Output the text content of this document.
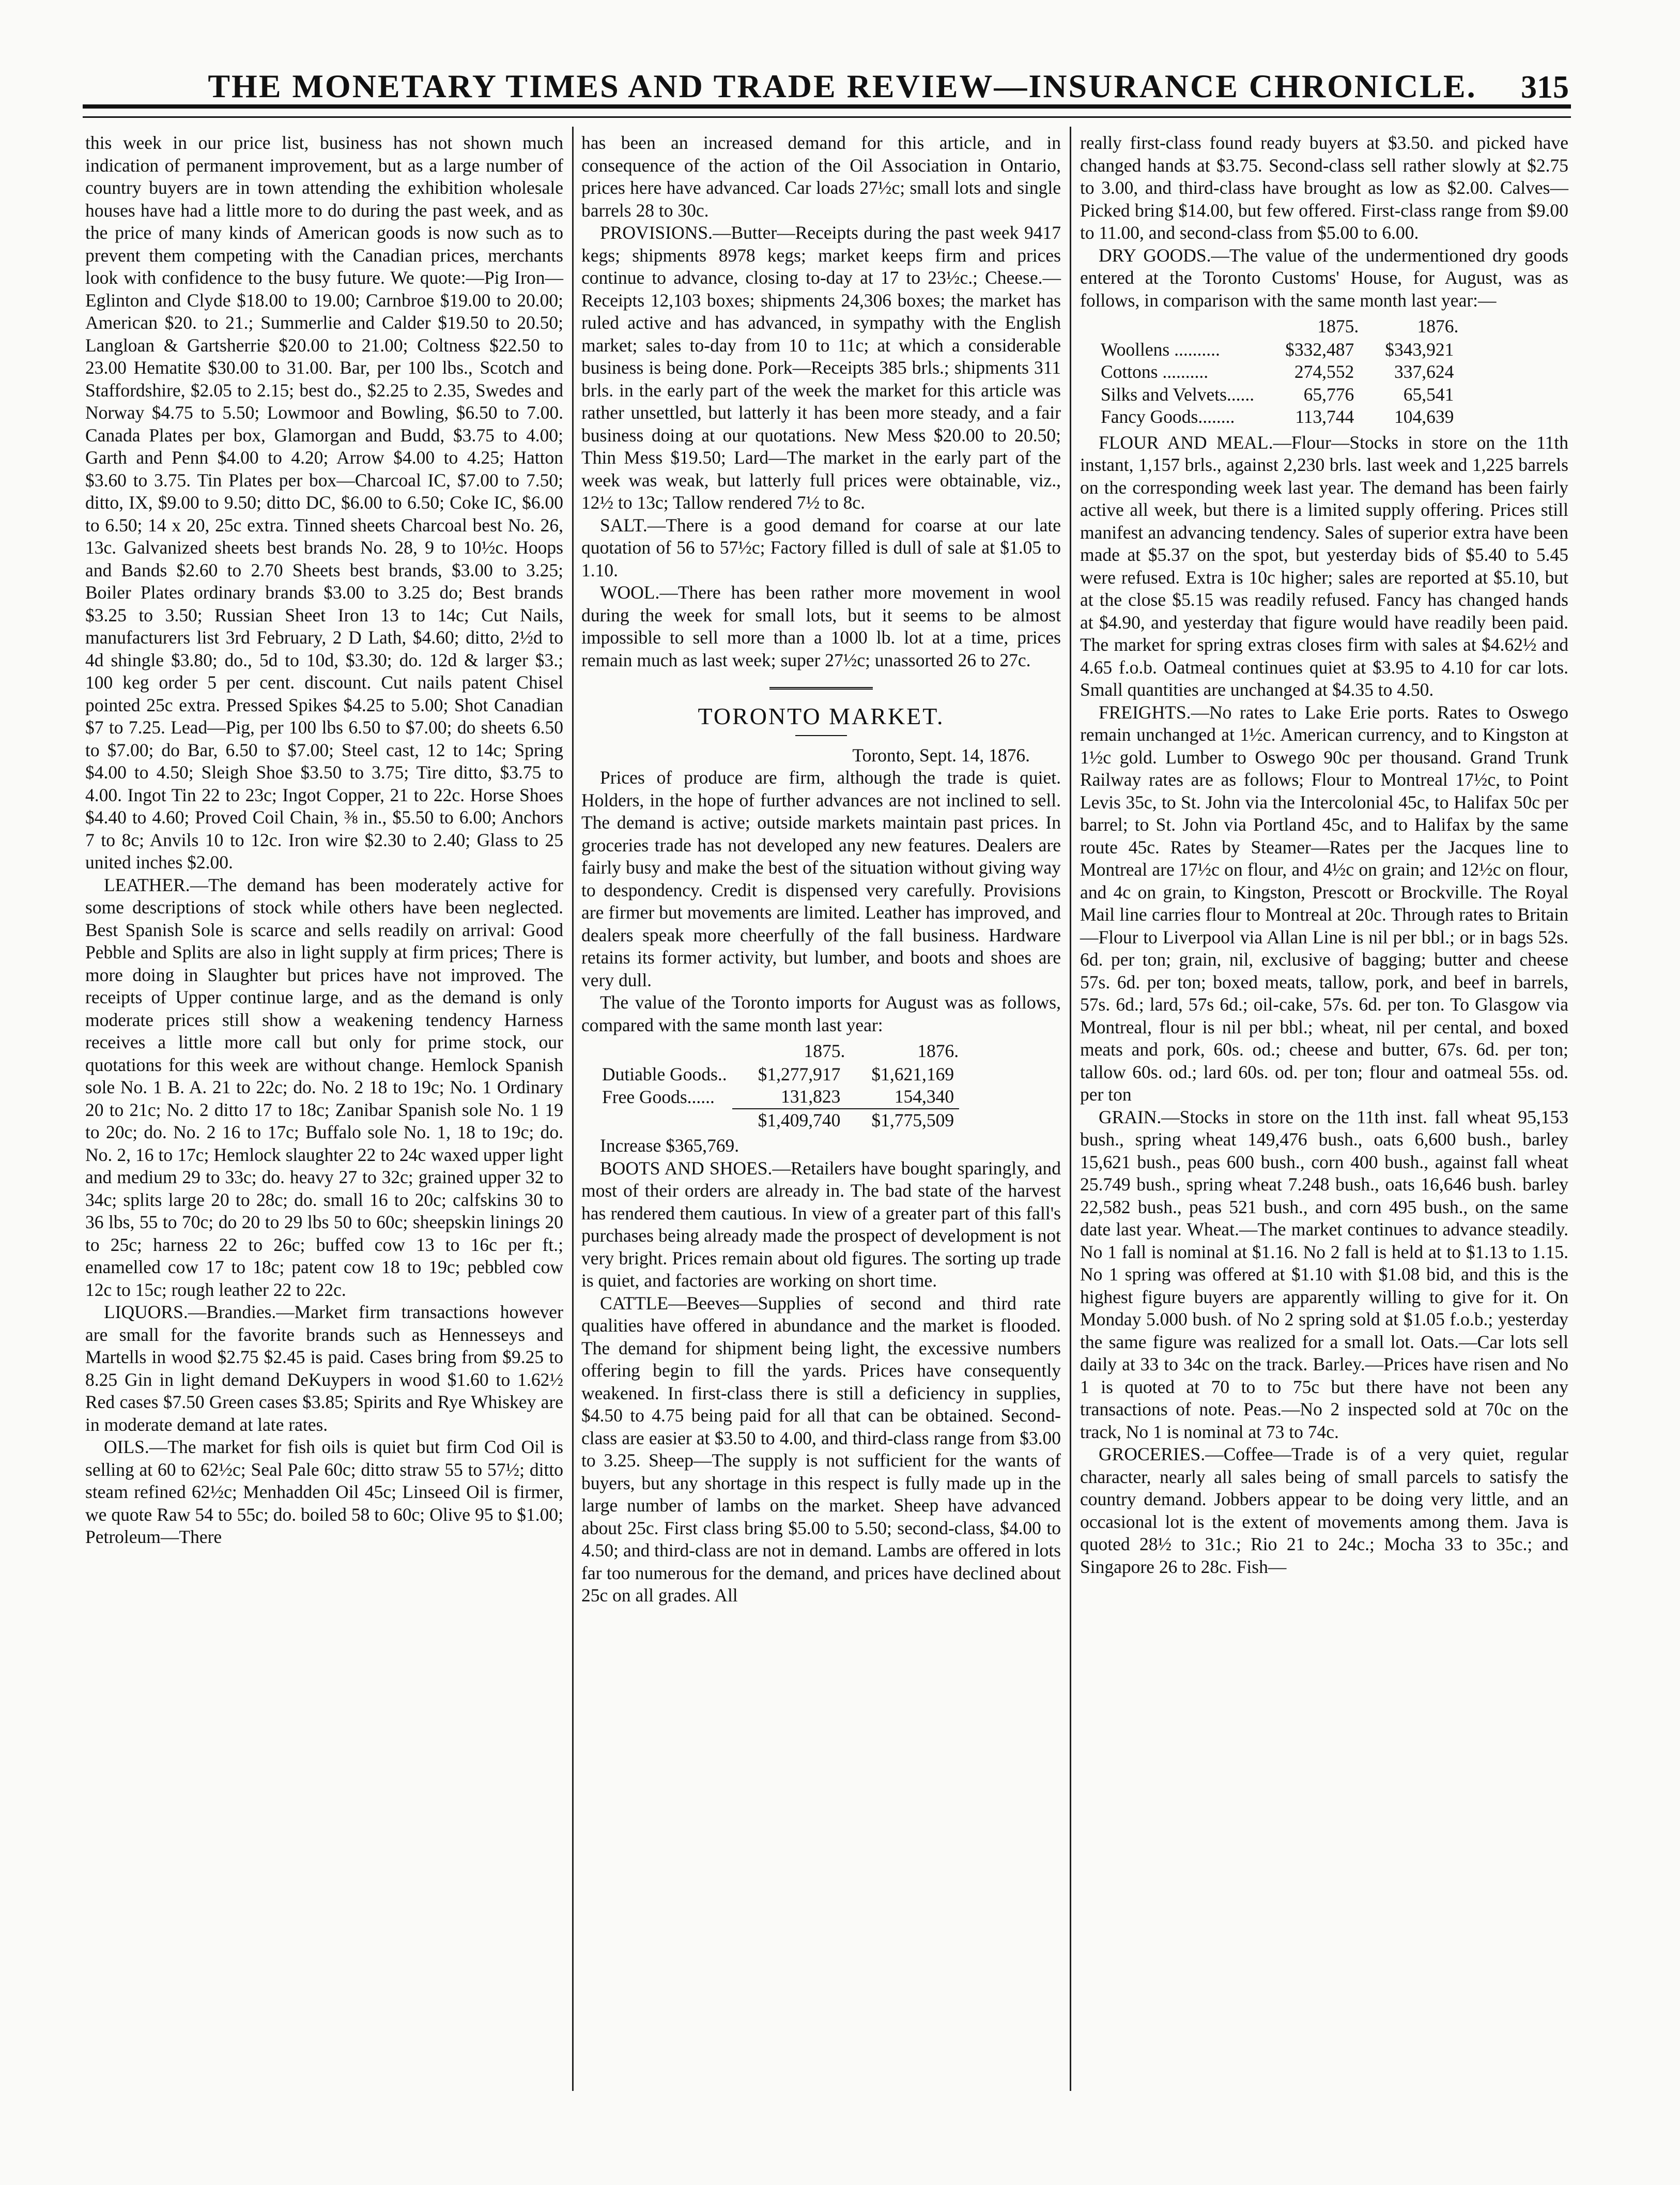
THE MONETARY TIMES AND TRADE REVIEW—INSURANCE CHRONICLE.	315

this week in our price list, business has not shown much indication of permanent improvement, but as a large number of country buyers are in town attending the exhibition wholesale houses have had a little more to do during the past week, and as the price of many kinds of American goods is now such as to prevent them competing with the Canadian prices, merchants look with confidence to the busy future. We quote:—Pig Iron—Eglinton and Clyde $18.00 to 19.00; Carnbroe $19.00 to 20.00; American $20. to 21.; Summerlie and Calder $19.50 to 20.50; Langloan & Gartsherrie $20.00 to 21.00; Coltness $22.50 to 23.00 Hematite $30.00 to 31.00. Bar, per 100 lbs., Scotch and Staffordshire, $2.05 to 2.15; best do., $2.25 to 2.35, Swedes and Norway $4.75 to 5.50; Lowmoor and Bowling, $6.50 to 7.00. Canada Plates per box, Glamorgan and Budd, $3.75 to 4.00; Garth and Penn $4.00 to 4.20; Arrow $4.00 to 4.25; Hatton $3.60 to 3.75. Tin Plates per box—Charcoal IC, $7.00 to 7.50; ditto, IX, $9.00 to 9.50; ditto DC, $6.00 to 6.50; Coke IC, $6.00 to 6.50; 14 x 20, 25c extra. Tinned sheets Charcoal best No. 26, 13c. Galvanized sheets best brands No. 28, 9 to 10½c. Hoops and Bands $2.60 to 2.70 Sheets best brands, $3.00 to 3.25; Boiler Plates ordinary brands $3.00 to 3.25 do; Best brands $3.25 to 3.50; Russian Sheet Iron 13 to 14c; Cut Nails, manufacturers list 3rd February, 2 D Lath, $4.60; ditto, 2½d to 4d shingle $3.80; do., 5d to 10d, $3.30; do. 12d & larger $3.; 100 keg order 5 per cent. discount. Cut nails patent Chisel pointed 25c extra. Pressed Spikes $4.25 to 5.00; Shot Canadian $7 to 7.25. Lead—Pig, per 100 lbs 6.50 to $7.00; do sheets 6.50 to $7.00; do Bar, 6.50 to $7.00; Steel cast, 12 to 14c; Spring $4.00 to 4.50; Sleigh Shoe $3.50 to 3.75; Tire ditto, $3.75 to 4.00. Ingot Tin 22 to 23c; Ingot Copper, 21 to 22c. Horse Shoes $4.40 to 4.60; Proved Coil Chain, ⅜ in., $5.50 to 6.00; Anchors 7 to 8c; Anvils 10 to 12c. Iron wire $2.30 to 2.40; Glass to 25 united inches $2.00.

LEATHER.—The demand has been moderately active for some descriptions of stock while others have been neglected. Best Spanish Sole is scarce and sells readily on arrival: Good Pebble and Splits are also in light supply at firm prices; There is more doing in Slaughter but prices have not improved. The receipts of Upper continue large, and as the demand is only moderate prices still show a weakening tendency Harness receives a little more call but only for prime stock, our quotations for this week are without change. Hemlock Spanish sole No. 1 B. A. 21 to 22c; do. No. 2 18 to 19c; No. 1 Ordinary 20 to 21c; No. 2 ditto 17 to 18c; Zanibar Spanish sole No. 1 19 to 20c; do. No. 2 16 to 17c; Buffalo sole No. 1, 18 to 19c; do. No. 2, 16 to 17c; Hemlock slaughter 22 to 24c waxed upper light and medium 29 to 33c; do. heavy 27 to 32c; grained upper 32 to 34c; splits large 20 to 28c; do. small 16 to 20c; calfskins 30 to 36 lbs, 55 to 70c; do 20 to 29 lbs 50 to 60c; sheepskin linings 20 to 25c; harness 22 to 26c; buffed cow 13 to 16c per ft.; enamelled cow 17 to 18c; patent cow 18 to 19c; pebbled cow 12c to 15c; rough leather 22 to 22c.

LIQUORS.—Brandies.—Market firm transactions however are small for the favorite brands such as Hennesseys and Martells in wood $2.75 $2.45 is paid. Cases bring from $9.25 to 8.25 Gin in light demand DeKuypers in wood $1.60 to 1.62½ Red cases $7.50 Green cases $3.85; Spirits and Rye Whiskey are in moderate demand at late rates.

OILS.—The market for fish oils is quiet but firm Cod Oil is selling at 60 to 62½c; Seal Pale 60c; ditto straw 55 to 57½; ditto steam refined 62½c; Menhadden Oil 45c; Linseed Oil is firmer, we quote Raw 54 to 55c; do. boiled 58 to 60c; Olive 95 to $1.00; Petroleum—There

has been an increased demand for this article, and in consequence of the action of the Oil Association in Ontario, prices here have advanced. Car loads 27½c; small lots and single barrels 28 to 30c.

PROVISIONS.—Butter—Receipts during the past week 9417 kegs; shipments 8978 kegs; market keeps firm and prices continue to advance, closing to-day at 17 to 23½c.; Cheese.—Receipts 12,103 boxes; shipments 24,306 boxes; the market has ruled active and has advanced, in sympathy with the English market; sales to-day from 10 to 11c; at which a considerable business is being done. Pork—Receipts 385 brls.; shipments 311 brls. in the early part of the week the market for this article was rather unsettled, but latterly it has been more steady, and a fair business doing at our quotations. New Mess $20.00 to 20.50; Thin Mess $19.50; Lard—The market in the early part of the week was weak, but latterly full prices were obtainable, viz., 12½ to 13c; Tallow rendered 7½ to 8c.

SALT.—There is a good demand for coarse at our late quotation of 56 to 57½c; Factory filled is dull of sale at $1.05 to 1.10.

WOOL.—There has been rather more movement in wool during the week for small lots, but it seems to be almost impossible to sell more than a 1000 lb. lot at a time, prices remain much as last week; super 27½c; unassorted 26 to 27c.

TORONTO MARKET.
Toronto, Sept. 14, 1876.

Prices of produce are firm, although the trade is quiet. Holders, in the hope of further advances are not inclined to sell. The demand is active; outside markets maintain past prices. In groceries trade has not developed any new features. Dealers are fairly busy and make the best of the situation without giving way to despondency. Credit is dispensed very carefully. Provisions are firmer but movements are limited. Leather has improved, and dealers speak more cheerfully of the fall business. Hardware retains its former activity, but lumber, and boots and shoes are very dull.

The value of the Toronto imports for August was as follows, compared with the same month last year:

	1875.	1876.
Dutiable Goods..	$1,277,917	$1,621,169
Free Goods......	131,823	154,340
	$1,409,740	$1,775,509

Increase $365,769.

BOOTS AND SHOES.—Retailers have bought sparingly, and most of their orders are already in. The bad state of the harvest has rendered them cautious. In view of a greater part of this fall's purchases being already made the prospect of development is not very bright. Prices remain about old figures. The sorting up trade is quiet, and factories are working on short time.

CATTLE—Beeves—Supplies of second and third rate qualities have offered in abundance and the market is flooded. The demand for shipment being light, the excessive numbers offering begin to fill the yards. Prices have consequently weakened. In first-class there is still a deficiency in supplies, $4.50 to 4.75 being paid for all that can be obtained. Second-class are easier at $3.50 to 4.00, and third-class range from $3.00 to 3.25. Sheep—The supply is not sufficient for the wants of buyers, but any shortage in this respect is fully made up in the large number of lambs on the market. Sheep have advanced about 25c. First class bring $5.00 to 5.50; second-class, $4.00 to 4.50; and third-class are not in demand. Lambs are offered in lots far too numerous for the demand, and prices have declined about 25c on all grades. All

really first-class found ready buyers at $3.50. and picked have changed hands at $3.75. Second-class sell rather slowly at $2.75 to 3.00, and third-class have brought as low as $2.00. Calves—Picked bring $14.00, but few offered. First-class range from $9.00 to 11.00, and second-class from $5.00 to 6.00.

DRY GOODS.—The value of the undermentioned dry goods entered at the Toronto Customs' House, for August, was as follows, in comparison with the same month last year:—

	1875.	1876.
Woollens ..........	$332,487	$343,921
Cottons ..........	274,552	337,624
Silks and Velvets......	65,776	65,541
Fancy Goods........	113,744	104,639

FLOUR AND MEAL.—Flour—Stocks in store on the 11th instant, 1,157 brls., against 2,230 brls. last week and 1,225 barrels on the corresponding week last year. The demand has been fairly active all week, but there is a limited supply offering. Prices still manifest an advancing tendency. Sales of superior extra have been made at $5.37 on the spot, but yesterday bids of $5.40 to 5.45 were refused. Extra is 10c higher; sales are reported at $5.10, but at the close $5.15 was readily refused. Fancy has changed hands at $4.90, and yesterday that figure would have readily been paid. The market for spring extras closes firm with sales at $4.62½ and 4.65 f.o.b. Oatmeal continues quiet at $3.95 to 4.10 for car lots. Small quantities are unchanged at $4.35 to 4.50.

FREIGHTS.—No rates to Lake Erie ports. Rates to Oswego remain unchanged at 1½c. American currency, and to Kingston at 1½c gold. Lumber to Oswego 90c per thousand. Grand Trunk Railway rates are as follows; Flour to Montreal 17½c, to Point Levis 35c, to St. John via the Intercolonial 45c, to Halifax 50c per barrel; to St. John via Portland 45c, and to Halifax by the same route 45c. Rates by Steamer—Rates per the Jacques line to Montreal are 17½c on flour, and 4½c on grain; and 12½c on flour, and 4c on grain, to Kingston, Prescott or Brockville. The Royal Mail line carries flour to Montreal at 20c. Through rates to Britain—Flour to Liverpool via Allan Line is nil per bbl.; or in bags 52s. 6d. per ton; grain, nil, exclusive of bagging; butter and cheese 57s. 6d. per ton; boxed meats, tallow, pork, and beef in barrels, 57s. 6d.; lard, 57s 6d.; oil-cake, 57s. 6d. per ton. To Glasgow via Montreal, flour is nil per bbl.; wheat, nil per cental, and boxed meats and pork, 60s. od.; cheese and butter, 67s. 6d. per ton; tallow 60s. od.; lard 60s. od. per ton; flour and oatmeal 55s. od. per ton

GRAIN.—Stocks in store on the 11th inst. fall wheat 95,153 bush., spring wheat 149,476 bush., oats 6,600 bush., barley 15,621 bush., peas 600 bush., corn 400 bush., against fall wheat 25.749 bush., spring wheat 7.248 bush., oats 16,646 bush. barley 22,582 bush., peas 521 bush., and corn 495 bush., on the same date last year. Wheat.—The market continues to advance steadily. No 1 fall is nominal at $1.16. No 2 fall is held at to $1.13 to 1.15. No 1 spring was offered at $1.10 with $1.08 bid, and this is the highest figure buyers are apparently willing to give for it. On Monday 5.000 bush. of No 2 spring sold at $1.05 f.o.b.; yesterday the same figure was realized for a small lot. Oats.—Car lots sell daily at 33 to 34c on the track. Barley.—Prices have risen and No 1 is quoted at 70 to to 75c but there have not been any transactions of note. Peas.—No 2 inspected sold at 70c on the track, No 1 is nominal at 73 to 74c.

GROCERIES.—Coffee—Trade is of a very quiet, regular character, nearly all sales being of small parcels to satisfy the country demand. Jobbers appear to be doing very little, and an occasional lot is the extent of movements among them. Java is quoted 28½ to 31c.; Rio 21 to 24c.; Mocha 33 to 35c.; and Singapore 26 to 28c. Fish—
